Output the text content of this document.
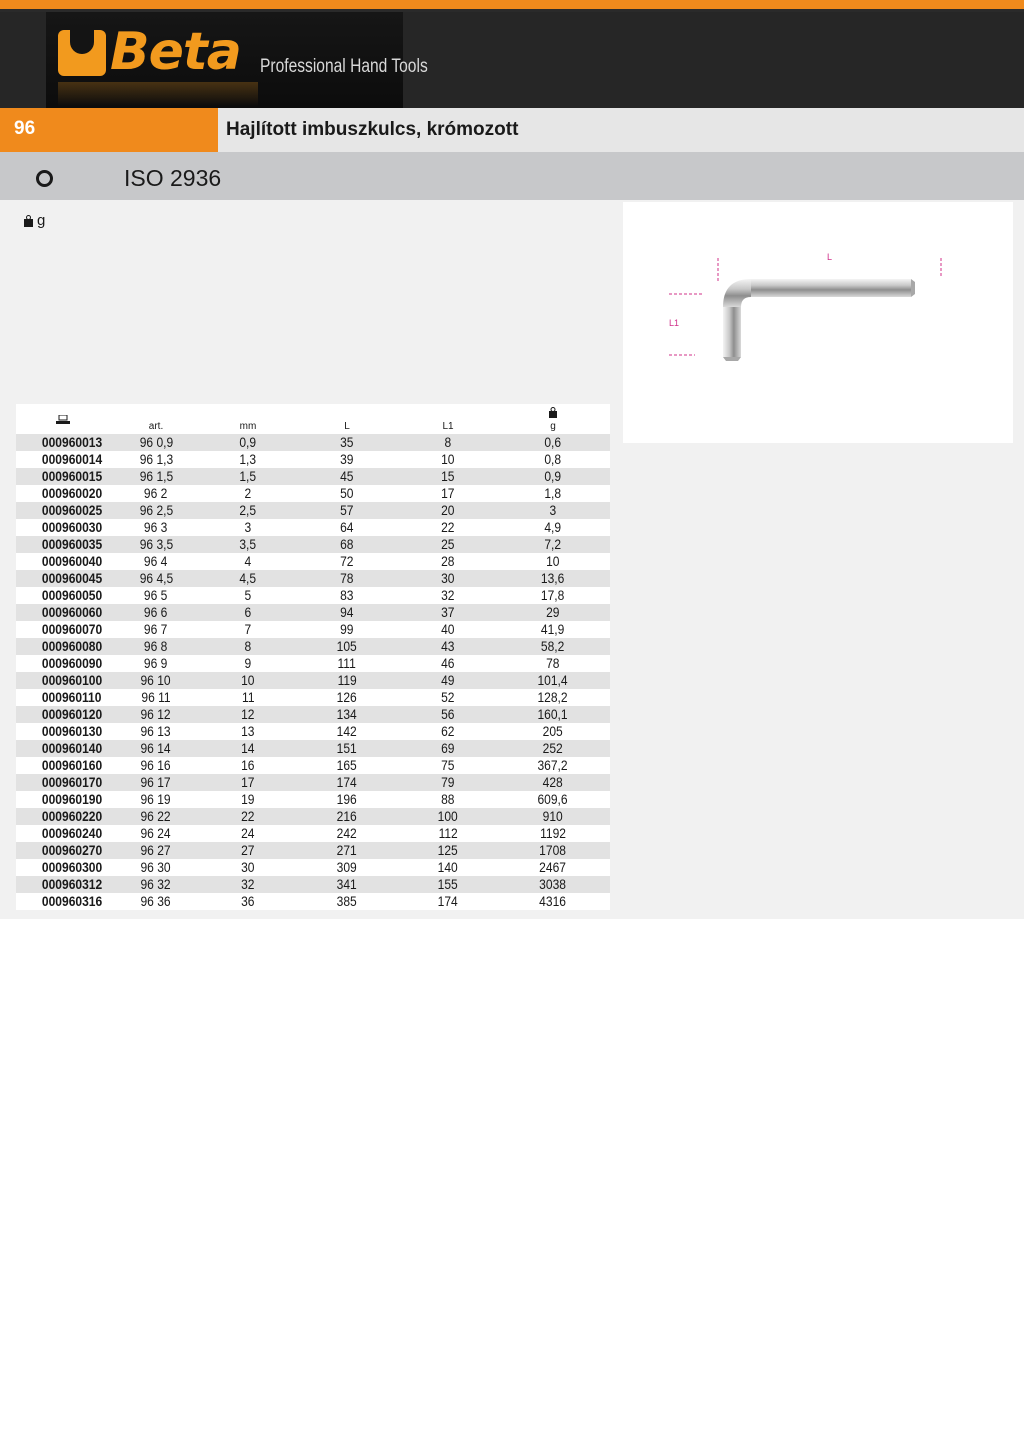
Beta Professional Hand Tools
96	Hajlított imbuszkulcs, krómozott
ISO 2936
g
L
L1
art.	mm	L	L1	g
000960013	96 0,9	0,9	35	8	0,6
000960014	96 1,3	1,3	39	10	0,8
000960015	96 1,5	1,5	45	15	0,9
000960020	96 2	2	50	17	1,8
000960025	96 2,5	2,5	57	20	3
000960030	96 3	3	64	22	4,9
000960035	96 3,5	3,5	68	25	7,2
000960040	96 4	4	72	28	10
000960045	96 4,5	4,5	78	30	13,6
000960050	96 5	5	83	32	17,8
000960060	96 6	6	94	37	29
000960070	96 7	7	99	40	41,9
000960080	96 8	8	105	43	58,2
000960090	96 9	9	111	46	78
000960100	96 10	10	119	49	101,4
000960110	96 11	11	126	52	128,2
000960120	96 12	12	134	56	160,1
000960130	96 13	13	142	62	205
000960140	96 14	14	151	69	252
000960160	96 16	16	165	75	367,2
000960170	96 17	17	174	79	428
000960190	96 19	19	196	88	609,6
000960220	96 22	22	216	100	910
000960240	96 24	24	242	112	1192
000960270	96 27	27	271	125	1708
000960300	96 30	30	309	140	2467
000960312	96 32	32	341	155	3038
000960316	96 36	36	385	174	4316
